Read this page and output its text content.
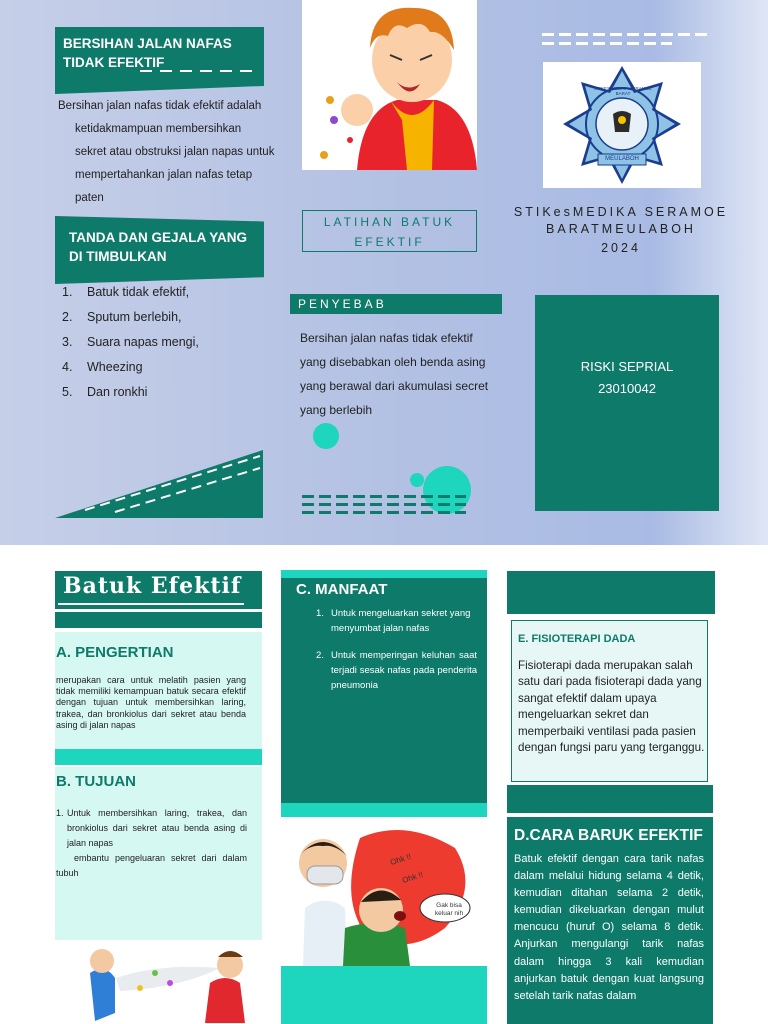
BERSIHAN JALAN NAFAS TIDAK EFEKTIF
Bersihan jalan nafas tidak efektif adalah
ketidakmampuan membersihkan
sekret atau obstruksi jalan napas untuk
mempertahankan jalan nafas tetap
paten
TANDA DAN GEJALA YANG DI TIMBULKAN
1. Batuk tidak efektif,
2. Sputum berlebih,
3. Suara napas mengi,
4. Wheezing
5. Dan ronkhi
LATIHAN BATUK EFEKTIF
PENYEBAB
Bersihan jalan nafas tidak efektif yang disebabkan oleh benda asing yang berawal dari akumulasi secret yang berlebih
STIKES MEDIKA SERAMOE BARAT
MEULABOH
STIKesMEDIKA SERAMOE
BARATMEULABOH
2024
RISKI SEPRIAL
23010042
Batuk Efektif
A. PENGERTIAN
merupakan cara untuk melatih pasien yang tidak memiliki kemampuan batuk secara efektif dengan tujuan untuk membersihkan laring, trakea, dan bronkiolus dari sekret atau benda asing di jalan napas
B. TUJUAN
1. Untuk membersihkan laring, trakea, dan bronkiolus dari sekret atau benda asing di jalan napas
embantu pengeluaran sekret dari dalam tubuh
C. MANFAAT
1. Untuk mengeluarkan sekret yang menyumbat jalan nafas
2. Untuk memperingan keluhan saat terjadi sesak nafas pada penderita pneumonia
Ohk !!
Ohk !!
Gak bisa keluar nih
E. FISIOTERAPI DADA
Fisioterapi dada merupakan salah satu dari pada fisioterapi dada yang sangat efektif dalam upaya mengeluarkan sekret dan memperbaiki ventilasi pada pasien dengan fungsi paru yang terganggu.
D.CARA BARUK EFEKTIF
Batuk efektif dengan cara tarik nafas dalam melalui hidung selama 4 detik, kemudian ditahan selama 2 detik, kemudian dikeluarkan dengan mulut mencucu (huruf O) selama 8 detik. Anjurkan mengulangi tarik nafas dalam hingga 3 kali kemudian anjurkan batuk dengan kuat langsung setelah tarik nafas dalam
